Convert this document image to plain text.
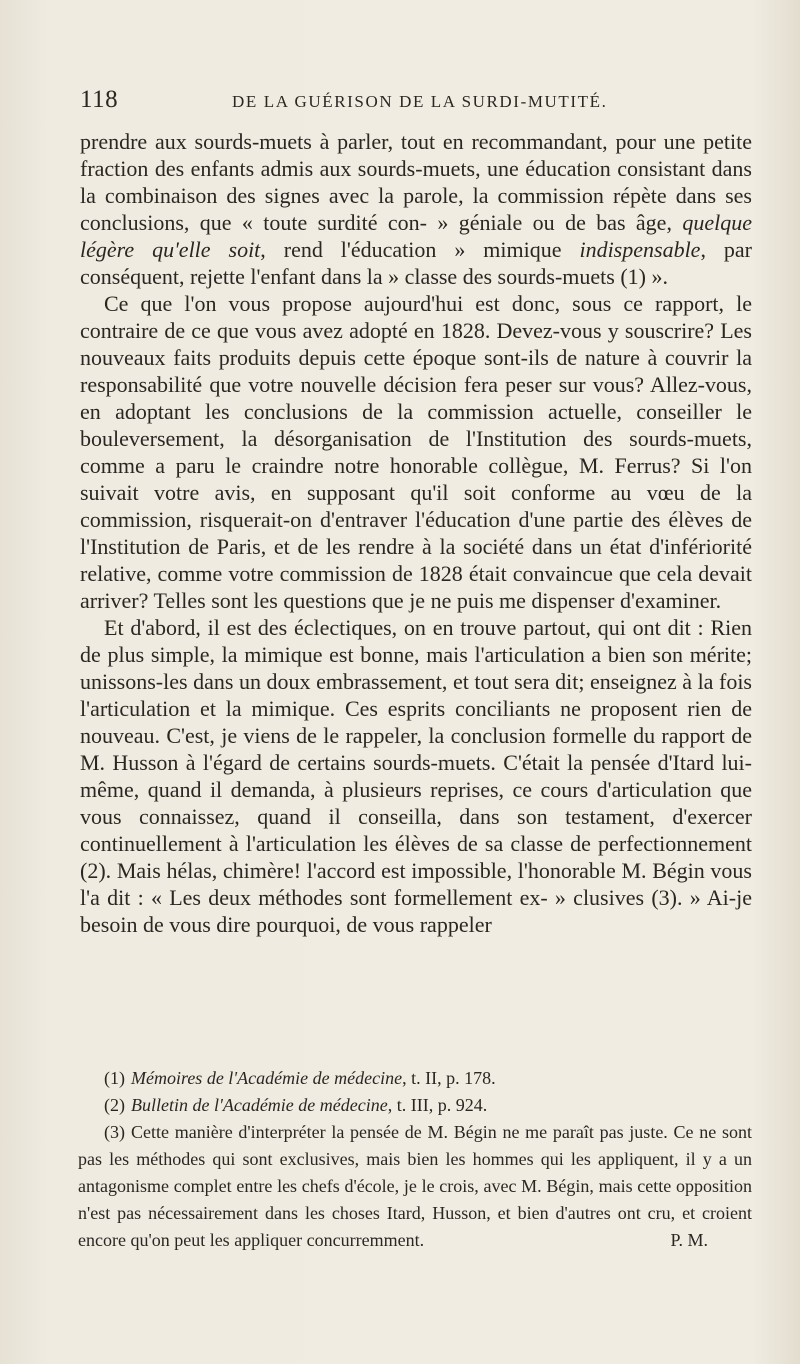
118	DE LA GUÉRISON DE LA SURDI-MUTITÉ.

prendre aux sourds-muets à parler, tout en recommandant, pour une petite fraction des enfants admis aux sourds-muets, une éducation consistant dans la combinaison des signes avec la parole, la commission répète dans ses conclusions, que « toute surdité con- » géniale ou de bas âge, quelque légère qu'elle soit, rend l'éducation » mimique indispensable, par conséquent, rejette l'enfant dans la » classe des sourds-muets (1) ».

Ce que l'on vous propose aujourd'hui est donc, sous ce rapport, le contraire de ce que vous avez adopté en 1828. Devez-vous y souscrire? Les nouveaux faits produits depuis cette époque sont-ils de nature à couvrir la responsabilité que votre nouvelle décision fera peser sur vous? Allez-vous, en adoptant les conclusions de la commission actuelle, conseiller le bouleversement, la désorganisation de l'Institution des sourds-muets, comme a paru le craindre notre honorable collègue, M. Ferrus? Si l'on suivait votre avis, en supposant qu'il soit conforme au vœu de la commission, risquerait-on d'entraver l'éducation d'une partie des élèves de l'Institution de Paris, et de les rendre à la société dans un état d'infériorité relative, comme votre commission de 1828 était convaincue que cela devait arriver? Telles sont les questions que je ne puis me dispenser d'examiner.

Et d'abord, il est des éclectiques, on en trouve partout, qui ont dit : Rien de plus simple, la mimique est bonne, mais l'articulation a bien son mérite; unissons-les dans un doux embrassement, et tout sera dit; enseignez à la fois l'articulation et la mimique. Ces esprits conciliants ne proposent rien de nouveau. C'est, je viens de le rappeler, la conclusion formelle du rapport de M. Husson à l'égard de certains sourds-muets. C'était la pensée d'Itard lui-même, quand il demanda, à plusieurs reprises, ce cours d'articulation que vous connaissez, quand il conseilla, dans son testament, d'exercer continuellement à l'articulation les élèves de sa classe de perfectionnement (2). Mais hélas, chimère! l'accord est impossible, l'honorable M. Bégin vous l'a dit : « Les deux méthodes sont formellement ex- » clusives (3). » Ai-je besoin de vous dire pourquoi, de vous rappeler

(1) Mémoires de l'Académie de médecine, t. II, p. 178.

(2) Bulletin de l'Académie de médecine, t. III, p. 924.

(3) Cette manière d'interpréter la pensée de M. Bégin ne me paraît pas juste. Ce ne sont pas les méthodes qui sont exclusives, mais bien les hommes qui les appliquent, il y a un antagonisme complet entre les chefs d'école, je le crois, avec M. Bégin, mais cette opposition n'est pas nécessairement dans les choses Itard, Husson, et bien d'autres ont cru, et croient encore qu'on peut les appliquer concurremment.	P. M.
